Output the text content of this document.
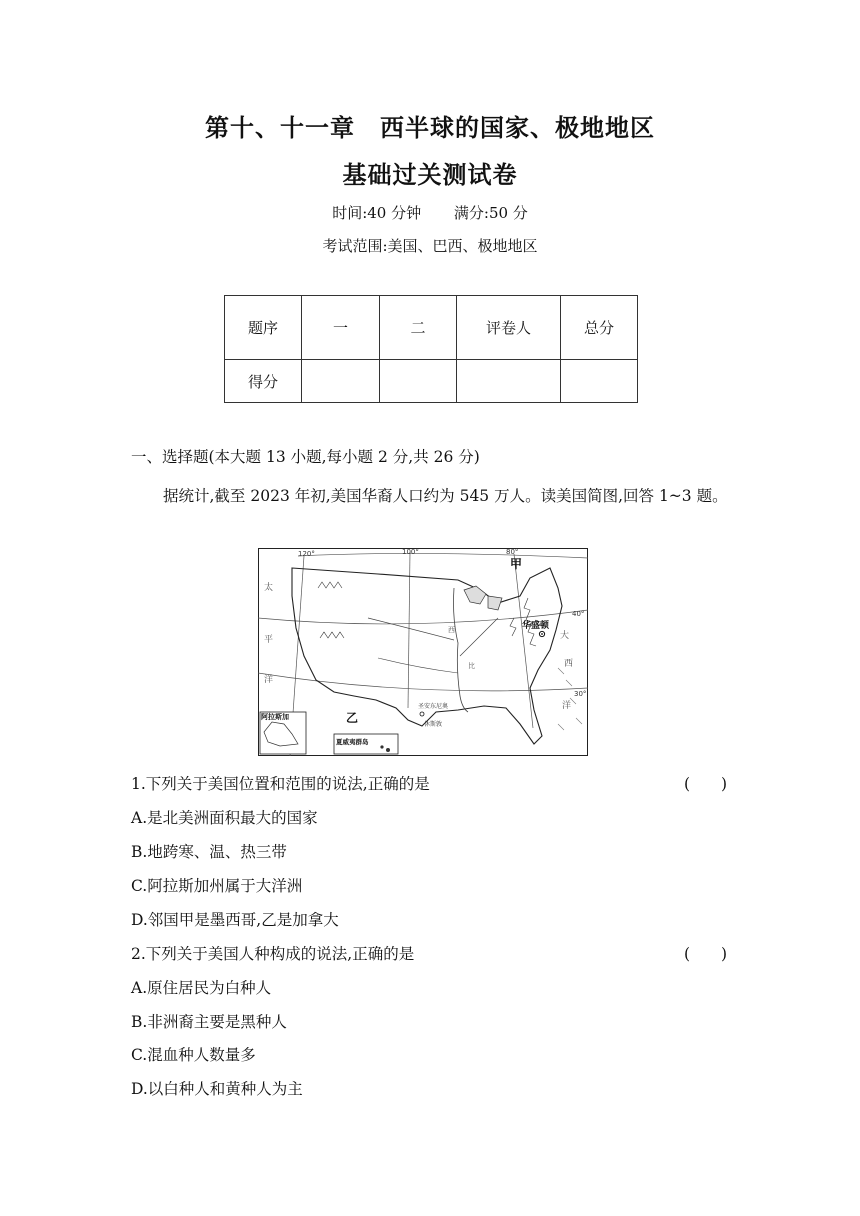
第十、十一章　西半球的国家、极地地区
基础过关测试卷
时间:40 分钟 满分:50 分
考试范围:美国、巴西、极地地区
题序	一	二	评卷人	总分
得分				
一、选择题(本大题 13 小题,每小题 2 分,共 26 分)
据统计,截至 2023 年初,美国华裔人口约为 545 万人。读美国简图,回答 1~3 题。
120°	100°	80°
40°
30°
甲
乙
华盛顿
太
平
洋
西
大
洋
西
比
阿拉斯加
夏威夷群岛
休斯敦
圣安东尼奥
1.下列关于美国位置和范围的说法,正确的是	(　　)
A.是北美洲面积最大的国家
B.地跨寒、温、热三带
C.阿拉斯加州属于大洋洲
D.邻国甲是墨西哥,乙是加拿大
2.下列关于美国人种构成的说法,正确的是	(　　)
A.原住居民为白种人
B.非洲裔主要是黑种人
C.混血种人数量多
D.以白种人和黄种人为主
